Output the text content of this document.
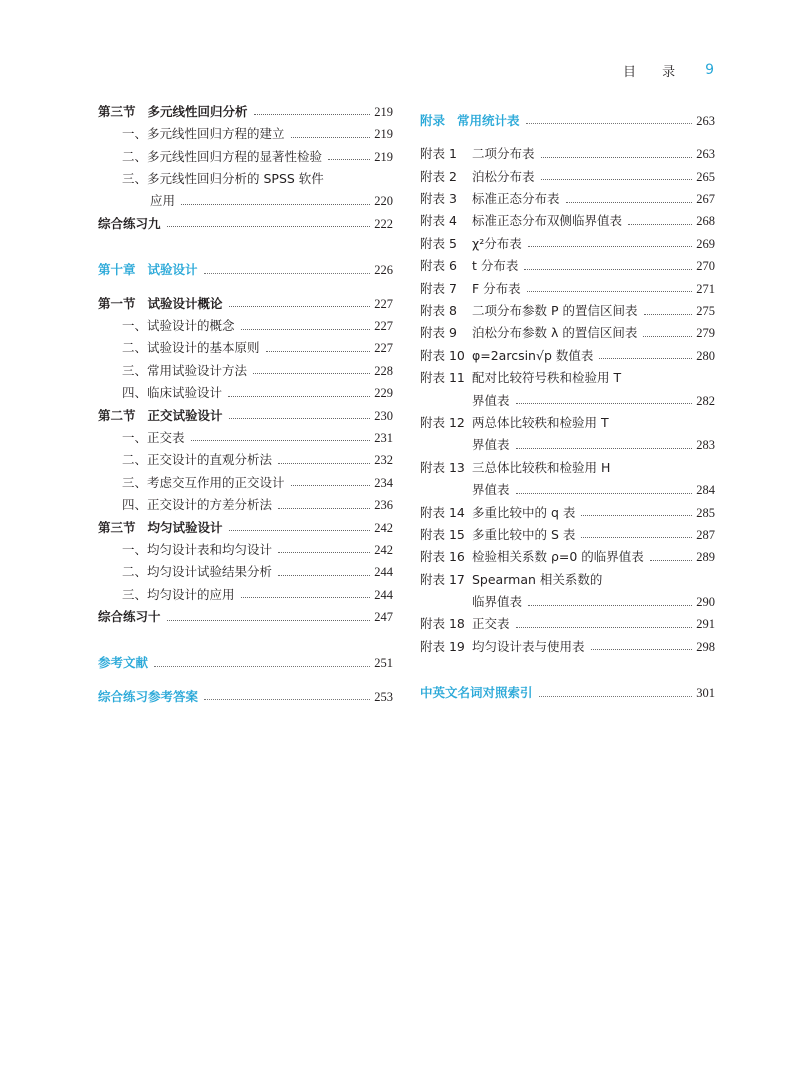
目 录 9
第三节 多元线性回归分析	219
一、多元线性回归方程的建立	219
二、多元线性回归方程的显著性检验	219
三、多元线性回归分析的 SPSS 软件
应用	220
综合练习九	222
第十章 试验设计	226
第一节 试验设计概论	227
一、试验设计的概念	227
二、试验设计的基本原则	227
三、常用试验设计方法	228
四、临床试验设计	229
第二节 正交试验设计	230
一、正交表	231
二、正交设计的直观分析法	232
三、考虑交互作用的正交设计	234
四、正交设计的方差分析法	236
第三节 均匀试验设计	242
一、均匀设计表和均匀设计	242
二、均匀设计试验结果分析	244
三、均匀设计的应用	244
综合练习十	247
参考文献	251
综合练习参考答案	253
附录 常用统计表	263
附表 1	二项分布表	263
附表 2	泊松分布表	265
附表 3	标准正态分布表	267
附表 4	标准正态分布双侧临界值表	268
附表 5	χ²分布表	269
附表 6	t 分布表	270
附表 7	F 分布表	271
附表 8	二项分布参数 P 的置信区间表	275
附表 9	泊松分布参数 λ 的置信区间表	279
附表 10 φ=2arcsin√p 数值表	280
附表 11 配对比较符号秩和检验用 T
界值表	282
附表 12 两总体比较秩和检验用 T
界值表	283
附表 13 三总体比较秩和检验用 H
界值表	284
附表 14 多重比较中的 q 表	285
附表 15 多重比较中的 S 表	287
附表 16 检验相关系数 ρ=0 的临界值表	289
附表 17 Spearman 相关系数的
临界值表	290
附表 18 正交表	291
附表 19 均匀设计表与使用表	298
中英文名词对照索引	301
